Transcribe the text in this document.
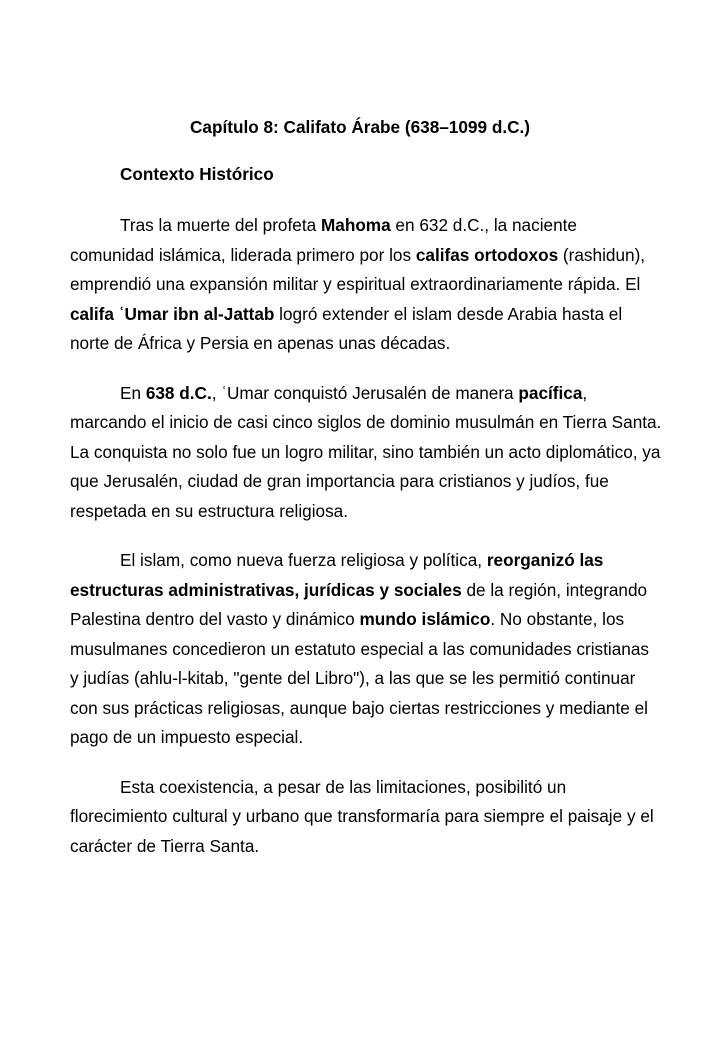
Capítulo 8: Califato Árabe (638–1099 d.C.)
Contexto Histórico
Tras la muerte del profeta Mahoma en 632 d.C., la naciente
comunidad islámica, liderada primero por los califas ortodoxos (rashidun),
emprendió una expansión militar y espiritual extraordinariamente rápida. El
califa ʿUmar ibn al-Jattab logró extender el islam desde Arabia hasta el
norte de África y Persia en apenas unas décadas.
En 638 d.C., ʿUmar conquistó Jerusalén de manera pacífica,
marcando el inicio de casi cinco siglos de dominio musulmán en Tierra Santa.
La conquista no solo fue un logro militar, sino también un acto diplomático, ya
que Jerusalén, ciudad de gran importancia para cristianos y judíos, fue
respetada en su estructura religiosa.
El islam, como nueva fuerza religiosa y política, reorganizó las
estructuras administrativas, jurídicas y sociales de la región, integrando
Palestina dentro del vasto y dinámico mundo islámico. No obstante, los
musulmanes concedieron un estatuto especial a las comunidades cristianas
y judías (ahlu-l-kitab, "gente del Libro"), a las que se les permitió continuar
con sus prácticas religiosas, aunque bajo ciertas restricciones y mediante el
pago de un impuesto especial.
Esta coexistencia, a pesar de las limitaciones, posibilitó un
florecimiento cultural y urbano que transformaría para siempre el paisaje y el
carácter de Tierra Santa.
